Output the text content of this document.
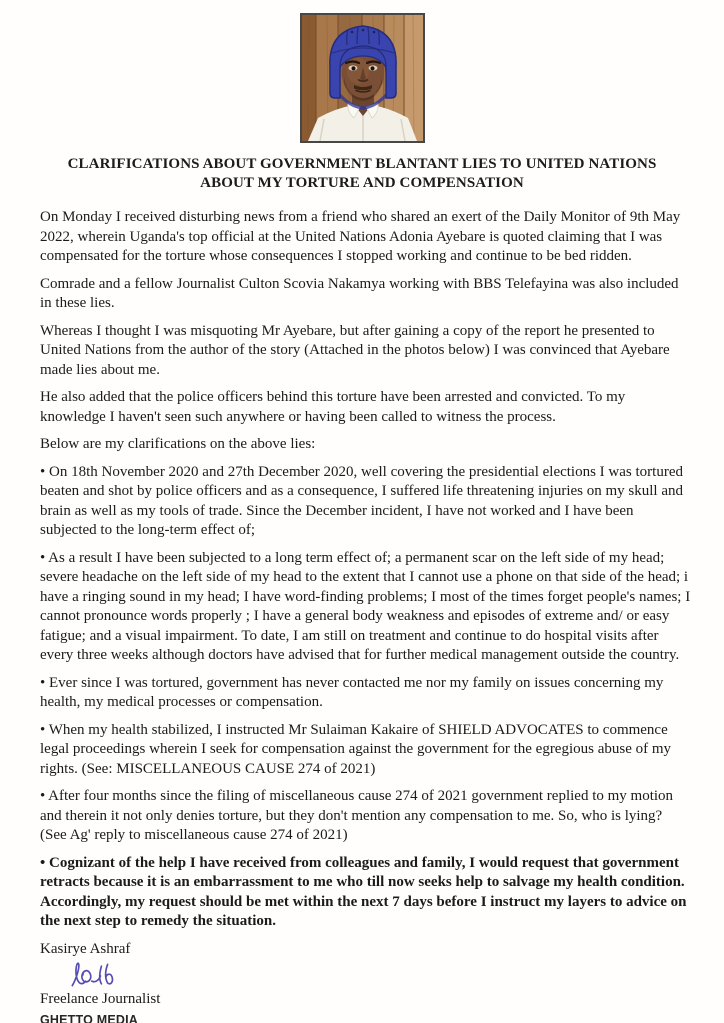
CLARIFICATIONS ABOUT GOVERNMENT BLANTANT LIES TO UNITED NATIONS
ABOUT MY TORTURE AND COMPENSATION

On Monday I received disturbing news from a friend who shared an exert of the Daily Monitor of 9th May 2022, wherein Uganda's top official at the United Nations Adonia Ayebare is quoted claiming that I was compensated for the torture whose consequences I stopped working and continue to be bed ridden.

Comrade and a fellow Journalist Culton Scovia Nakamya working with BBS Telefayina was also included in these lies.

Whereas I thought I was misquoting Mr Ayebare, but after gaining a copy of the report he presented to United Nations from the author of the story (Attached in the photos below) I was convinced that Ayebare made lies about me.

He also added that the police officers behind this torture have been arrested and convicted. To my knowledge I haven't seen such anywhere or having been called to witness the process.

Below are my clarifications on the above lies:

• On 18th November 2020 and 27th December 2020, well covering the presidential elections I was tortured beaten and shot by police officers and as a consequence, I suffered life threatening injuries on my skull and brain as well as my tools of trade. Since the December incident, I have not worked and I have been subjected to the long-term effect of;

• As a result I have been subjected to a long term effect of; a permanent scar on the left side of my head; severe headache on the left side of my head to the extent that I cannot use a phone on that side of the head; i have a ringing sound in my head; I have word-finding problems; I most of the times forget people's names; I cannot pronounce words properly ; I have a general body weakness and episodes of extreme and/ or easy fatigue; and a visual impairment. To date, I am still on treatment and continue to do hospital visits after every three weeks although doctors have advised that for further medical management outside the country.

• Ever since I was tortured, government has never contacted me nor my family on issues concerning my health, my medical processes or compensation.

• When my health stabilized, I instructed Mr Sulaiman Kakaire of SHIELD ADVOCATES to commence legal proceedings wherein I seek for compensation against the government for the egregious abuse of my rights. (See: MISCELLANEOUS CAUSE 274 of 2021)

• After four months since the filing of miscellaneous cause 274 of 2021 government replied to my motion and therein it not only denies torture, but they don't mention any compensation to me. So, who is lying? (See Ag' reply to miscellaneous cause 274 of 2021)

• Cognizant of the help I have received from colleagues and family, I would request that government retracts because it is an embarrassment to me who till now seeks help to salvage my health condition. Accordingly, my request should be met within the next 7 days before I instruct my layers to advice on the next step to remedy the situation.

Kasirye Ashraf

Freelance Journalist

GHETTO MEDIA
